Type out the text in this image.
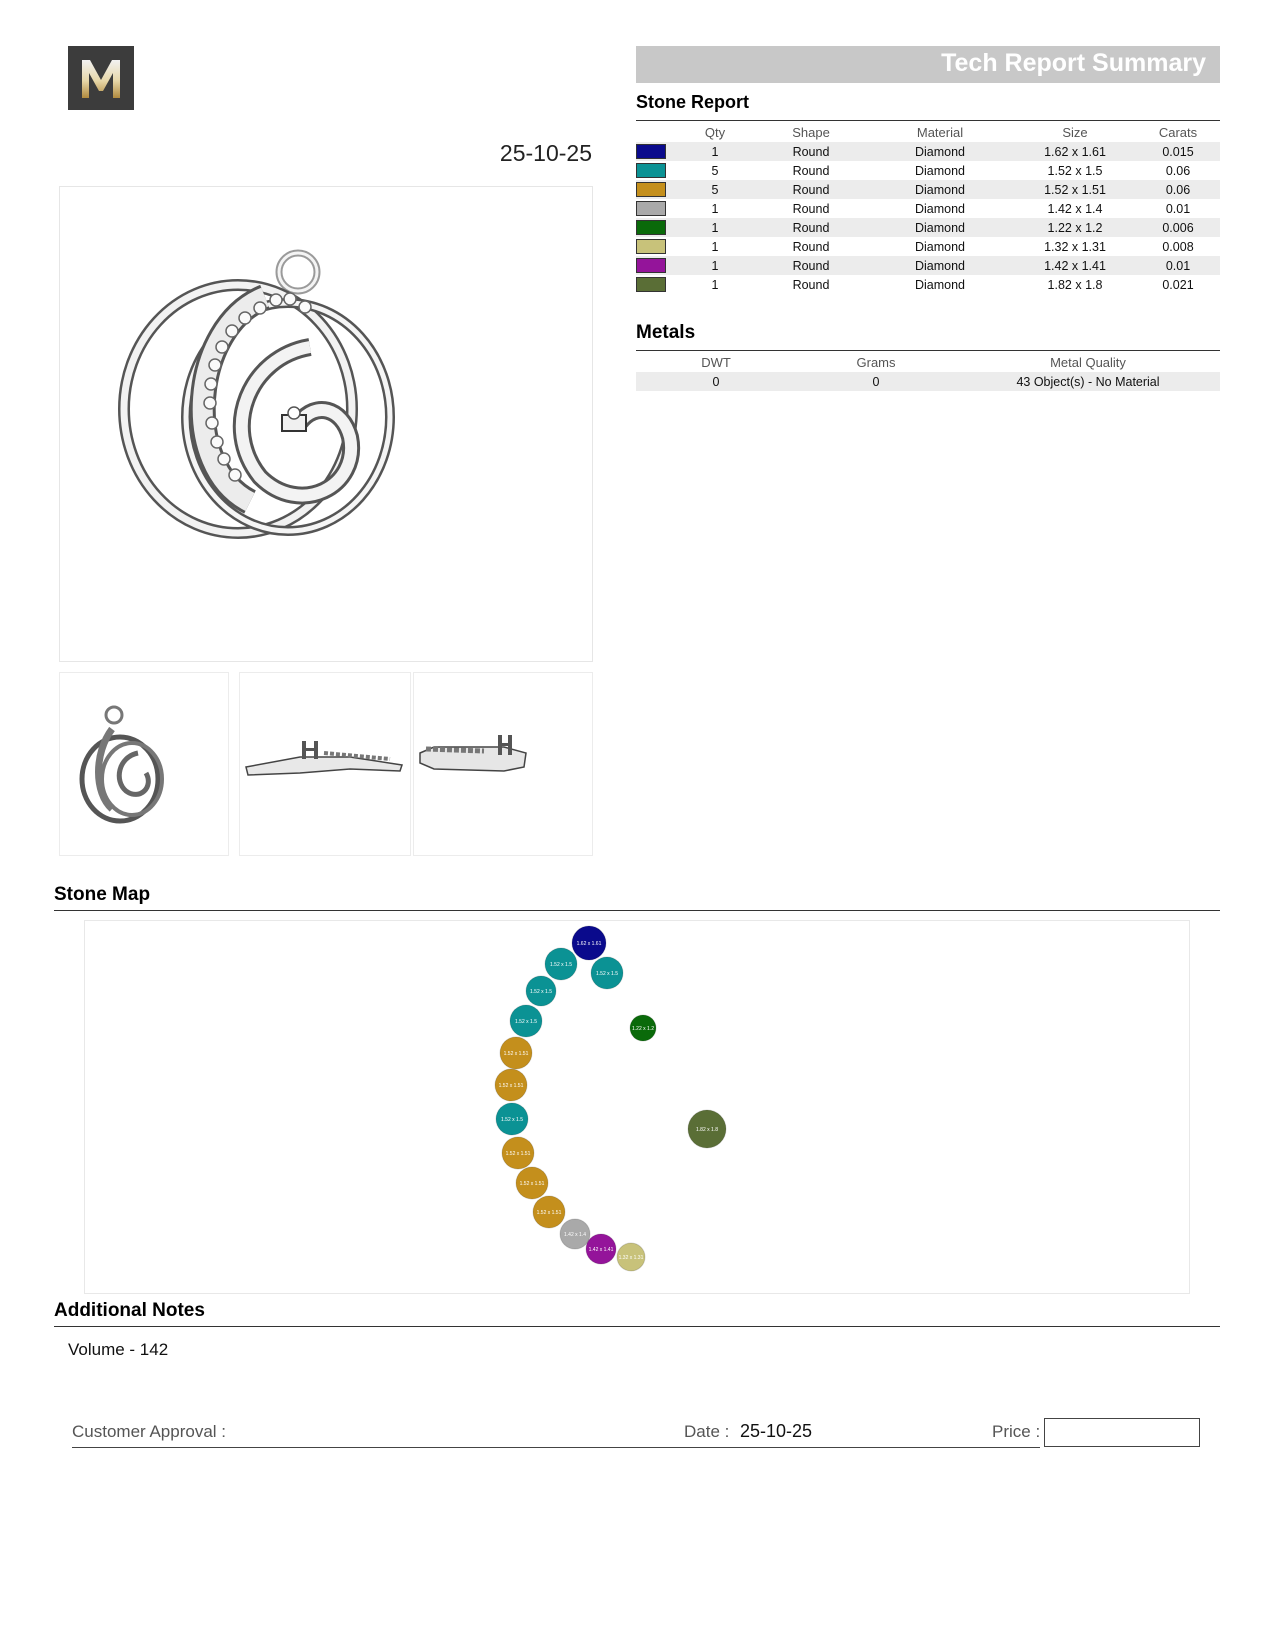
25-10-25
Tech Report Summary
Stone Report
	Qty	Shape	Material	Size	Carats
	1	Round	Diamond	1.62 x 1.61	0.015
	5	Round	Diamond	1.52 x 1.5	0.06
	5	Round	Diamond	1.52 x 1.51	0.06
	1	Round	Diamond	1.42 x 1.4	0.01
	1	Round	Diamond	1.22 x 1.2	0.006
	1	Round	Diamond	1.32 x 1.31	0.008
	1	Round	Diamond	1.42 x 1.41	0.01
	1	Round	Diamond	1.82 x 1.8	0.021
Metals
DWT	Grams	Metal Quality
0	0	43 Object(s) - No Material
Stone Map
1.62 x 1.61
1.52 x 1.5
1.52 x 1.5
1.52 x 1.5
1.52 x 1.5
1.22 x 1.2
1.52 x 1.51
1.52 x 1.51
1.52 x 1.5
1.82 x 1.8
1.52 x 1.51
1.52 x 1.51
1.52 x 1.51
1.42 x 1.4
1.42 x 1.41
1.32 x 1.31
Additional Notes
Volume - 142
Customer Approval :	Date : 25-10-25	Price :
